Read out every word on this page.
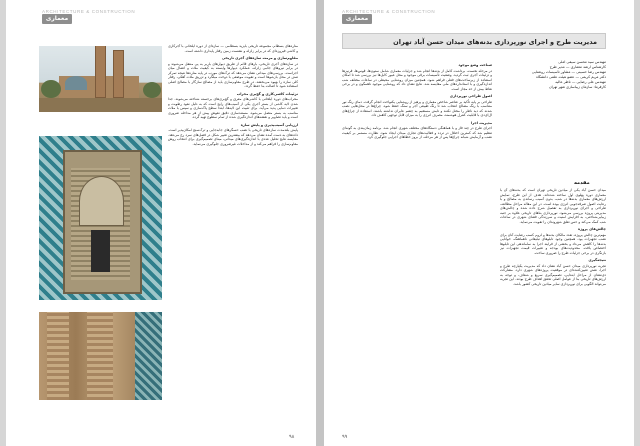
ARCHITECTURE & CONSTRUCTION
معماری

مناره‌های بسطام، مجموعه تاریخی بایزید بسطامی — سازه‌ای از دوره ایلخانی با آجرکاری و کاشی فیروزه‌ای که در برابر زلزله و نشست زمین رفتار پایداری داشته است.

مقاوم‌سازی و مرمت سازه‌های آجری تاریخی

در سازه‌های آجری تاریخی، بارهای قائم از طریق دیوارهای باربر به پی منتقل می‌شوند و در برابر نیروهای جانبی زلزله، عملکرد دیوارها وابسته به کیفیت ملات و اتصال میان اجزاست. بررسی‌های میدانی نشان می‌دهد که ترک‌های مورب در پایه مناره‌ها نتیجه تمرکز تنش در محل بازشوها است و تقویت موضعی با دوخت میلگرد و تزریق ملات آهکی، رفتار کلی سازه را بهبود می‌بخشد. در طرح مقاوم‌سازی باید از مصالح سازگار با مصالح اصلی استفاده شود تا اصالت بنا حفظ گردد.

تزئینات کاشی‌کاری و گچ‌بری محراب

محراب‌های دوره ایلخانی با کاشی‌های معرق و گچ‌بری‌های برجسته شناخته می‌شوند. جدا شدن لایه کاشی از بستر آجری یکی از آسیب‌های رایج است که به دلیل نفوذ رطوبت و تغییرات دمایی پدید می‌آید. برای تثبیت این لایه‌ها، ابتدا سطح پاک‌سازی و سپس با ملات مناسب به بستر متصل می‌شود. مستندسازی دقیق نقوش پیش از هر مداخله ضروری است و باید تصاویر و نقشه‌های اندازه‌گیری شده از تمام سطوح تهیه گردد.

ارزیابی آسیب‌پذیری و پایش سازه

پایش بلندمدت سازه‌های تاریخی با نصب حسگرهای جابه‌جایی و ترک‌سنج امکان‌پذیر است. داده‌های به دست آمده نشان می‌دهد که بیشترین تغییر شکل در فصل‌های سرد رخ می‌دهد. مقایسه نتایج تحلیل عددی با اندازه‌گیری‌های میدانی، مبنای تصمیم‌گیری برای انتخاب روش مقاوم‌سازی را فراهم می‌کند و از مداخلات غیرضروری جلوگیری می‌نماید.

۹۸
ARCHITECTURE & CONSTRUCTION
معماری
مدیریت طرح و اجرای نورپردازی بدنه‌های میدان حسن آباد تهران
مهندس سید محسن سیفی آملی
کارشناس ارشد معماری — مدیر طرح
مهندس رضا حسینی — مشاور تأسیسات روشنایی
دکتر مریم کریمی — عضو هیئت علمی دانشگاه
مهندس علی رضایی — ناظر عالیه
کارفرما: سازمان زیباسازی شهر تهران
مقدمه

میدان حسن آباد یکی از میادین تاریخی تهران است که بدنه‌های آن با معماری دوره پهلوی اول ساخته شده‌اند. هدف از این طرح، نمایش ارزش‌های معماری بدنه‌ها در شب، بدون آسیب رساندن به مصالح و با رعایت اصول صرفه‌جویی انرژی بوده است. در این مقاله مراحل مطالعه، طراحی و اجرای نورپردازی به تفصیل شرح داده شده و چالش‌های مدیریتی پروژه بررسی می‌شود. نورپردازی بناهای تاریخی علاوه بر جنبه زیبایی‌شناختی، به افزایش امنیت و سرزندگی فضای شهری در ساعات شب کمک می‌کند و حس تعلق شهروندان را تقویت می‌نماید.

چالش‌های پروژه

مهم‌ترین چالش پروژه، تعدد مالکان بدنه‌ها و لزوم کسب رضایت آنان برای نصب تجهیزات بود. همچنین وجود تابلوهای تبلیغاتی ناهماهنگ، خوانایی بدنه‌ها را کاهش می‌داد و بخشی از فرایند اجرا به ساماندهی این تابلوها اختصاص یافت. محدودیت‌های بودجه و تغییرات قیمت تجهیزات نیز بازنگری در برخی جزئیات طرح را ضروری ساخت.

نتیجه‌گیری

تجربه نورپردازی میدان حسن آباد نشان داد که مدیریت یکپارچه طرح و اجرا، نقش تعیین‌کننده‌ای در موفقیت پروژه‌های شهری دارد. مشارکت ذی‌نفعان از مراحل ابتدایی، تصمیم‌گیری سریع و شفاف، و توجه به ارزش‌های تاریخی بنا از عوامل اصلی تحقق اهداف طرح بودند. این تجربه می‌تواند الگویی برای نورپردازی سایر میادین تاریخی کشور باشد.

شناخت وضع موجود

در مرحله نخست، برداشت کامل از بدنه‌ها انجام شد و جزئیات معماری شامل ستون‌ها، قوس‌ها، قرنیزها و تزئینات آجری ثبت گردید. وضعیت تأسیسات برقی موجود و محل عبور کابل‌ها نیز بررسی شد تا امکان استفاده از زیرساخت‌های فعلی فراهم شود. همچنین میزان روشنایی محیطی در ساعات مختلف شب اندازه‌گیری و با استانداردهای ملی مقایسه شد. نتایج نشان داد که روشنایی موجود ناهمگون و در برخی نقاط بیش از حد مجاز است.

اصول طراحی نورپردازی

طراحی بر پایه تأکید بر عناصر شاخص معماری و پرهیز از روشنایی یکنواخت انجام گرفت. دمای رنگ نور متناسب با رنگ مصالح انتخاب شد تا رنگ طبیعی آجر و سنگ حفظ شود. چراغ‌ها در محل‌هایی نصب شدند که دید ناظر را مختل نکنند و تابش مستقیم به چشم عابران نداشته باشند. استفاده از چراغ‌های ال‌ای‌دی با قابلیت کنترل هوشمند، مصرف انرژی را به میزان قابل توجهی کاهش داد.

مدیریت اجرا

اجرای طرح در چند فاز و با هماهنگی دستگاه‌های مختلف شهری انجام شد. برنامه زمان‌بندی به گونه‌ای تنظیم شد که کمترین اختلال در تردد و فعالیت‌های تجاری میدان ایجاد شود. نظارت مستمر بر کیفیت نصب و آزمایش شبانه چراغ‌ها پس از هر مرحله، از بروز خطاهای اجرایی جلوگیری کرد.

۹۹
